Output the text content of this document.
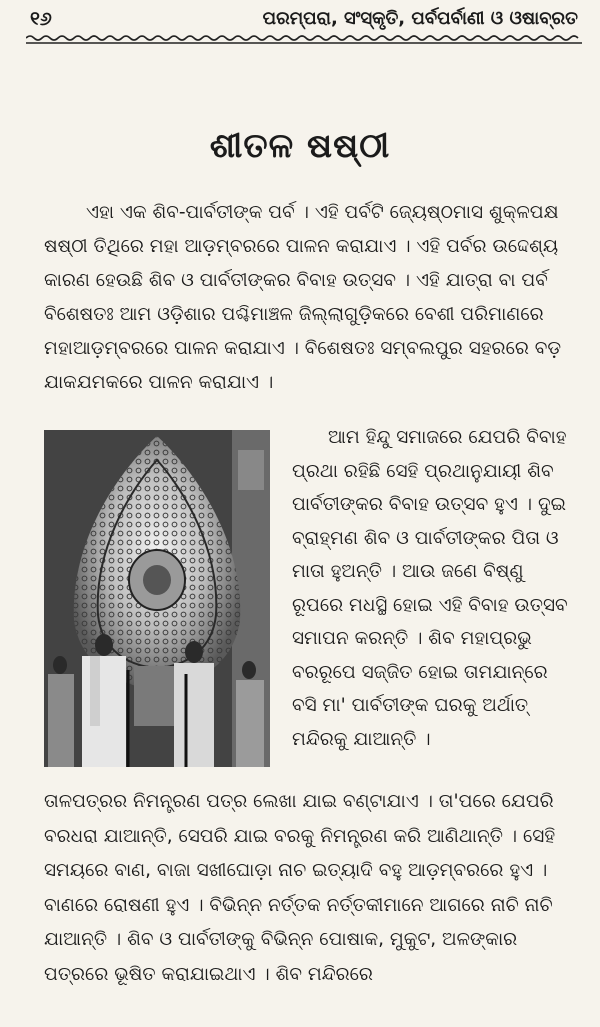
୧୬	ପରମ୍ପରା, ସଂସ୍କୃତି, ପର୍ବପର୍ବାଣୀ ଓ ଓଷାବ୍ରତ
ଶୀତଳ ଷଷ୍ଠୀ

ଏହା ଏକ ଶିବ-ପାର୍ବତୀଙ୍କ ପର୍ବ । ଏହି ପର୍ବଟି ଜ୍ୟେଷ୍ଠମାସ ଶୁକ୍ଳପକ୍ଷ ଷଷ୍ଠୀ ତିଥିରେ ମହା ଆଡ଼ମ୍ବରରେ ପାଳନ କରାଯାଏ । ଏହି ପର୍ବର ଉଦ୍ଦେଶ୍ୟ କାରଣ ହେଉଛି ଶିବ ଓ ପାର୍ବତୀଙ୍କର ବିବାହ ଉତ୍ସବ । ଏହି ଯାତ୍ରା ବା ପର୍ବ ବିଶେଷତଃ ଆମ ଓଡ଼ିଶାର ପଶ୍ଚିମାଞ୍ଚଳ ଜିଲ୍ଲାଗୁଡ଼ିକରେ ବେଶୀ ପରିମାଣରେ ମହାଆଡ଼ମ୍ବରରେ ପାଳନ କରାଯାଏ । ବିଶେଷତଃ ସମ୍ବଲପୁର ସହରରେ ବଡ଼ ଯାକଯମକରେ ପାଳନ କରାଯାଏ ।

ଆମ ହିନ୍ଦୁ ସମାଜରେ ଯେପରି ବିବାହ ପ୍ରଥା ରହିଛି ସେହି ପ୍ରଥାନୁଯାୟୀ ଶିବ ପାର୍ବତୀଙ୍କର ବିବାହ ଉତ୍ସବ ହୁଏ । ଦୁଇ ବ୍ରାହ୍ମଣ ଶିବ ଓ ପାର୍ବତୀଙ୍କର ପିତା ଓ ମାତା ହୁଅନ୍ତି । ଆଉ ଜଣେ ବିଷ୍ଣୁ ରୂପରେ ମଧସ୍ଥି ହୋଇ ଏହି ବିବାହ ଉତ୍ସବ ସମାପନ କରନ୍ତି । ଶିବ ମହାପ୍ରଭୁ ବରରୂପେ ସଜ୍ଜିତ ହୋଇ ତାମଯାନ୍‌ରେ ବସି ମା' ପାର୍ବତୀଙ୍କ ଘରକୁ ଅର୍ଥାତ୍ ମନ୍ଦିରକୁ ଯାଆନ୍ତି ।

ତାଳପତ୍ରର ନିମନ୍ତ୍ରଣ ପତ୍ର ଲେଖା ଯାଇ ବଣ୍ଟାଯାଏ । ତା'ପରେ ଯେପରି ବରଧରା ଯାଆନ୍ତି, ସେପରି ଯାଇ ବରକୁ ନିମନ୍ତ୍ରଣ କରି ଆଣିଥାନ୍ତି । ସେହି ସମୟରେ ବାଣ, ବାଜା ସଖୀଘୋଡ଼ା ନାଚ ଇତ୍ୟାଦି ବହୁ ଆଡ଼ମ୍ବରରେ ହୁଏ । ବାଣରେ ରୋଷଣୀ ହୁଏ । ବିଭିନ୍ନ ନର୍ତ୍ତକ ନର୍ତ୍ତକୀମାନେ ଆଗରେ ନାଚି ନାଚି ଯାଆନ୍ତି । ଶିବ ଓ ପାର୍ବତୀଙ୍କୁ ବିଭିନ୍ନ ପୋଷାକ, ମୁକୁଟ, ଅଳଙ୍କାର ପତ୍ରରେ ଭୂଷିତ କରାଯାଇଥାଏ । ଶିବ ମନ୍ଦିରରେ
